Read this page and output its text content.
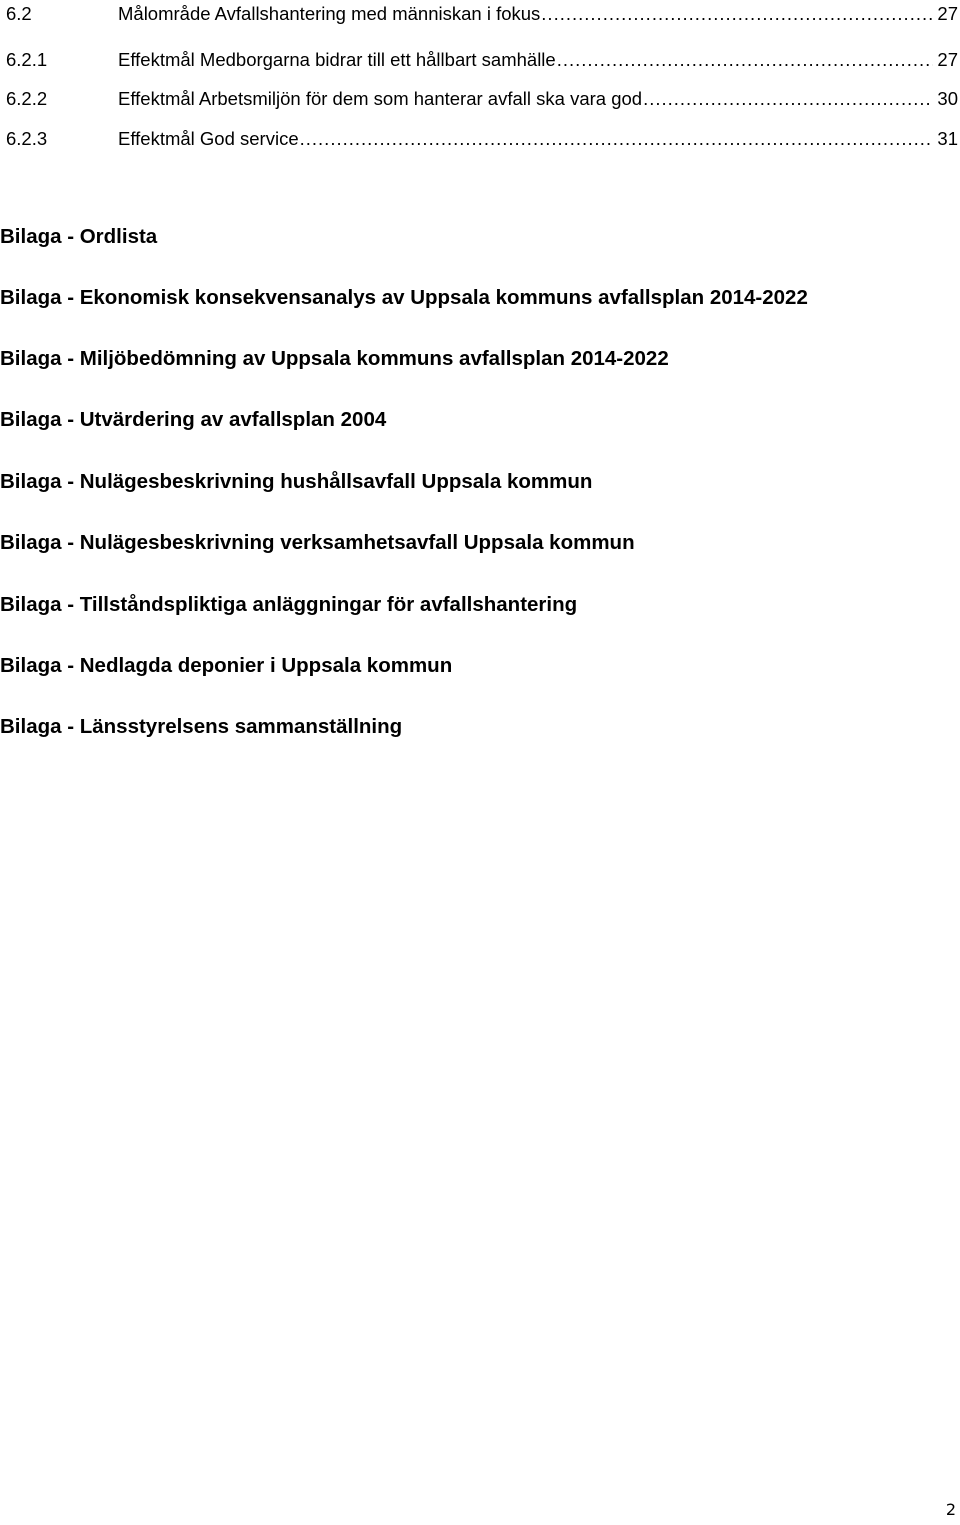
6.2	Målområde Avfallshantering med människan i fokus .....	27
6.2.1	Effektmål Medborgarna bidrar till ett hållbart samhälle .....	27
6.2.2	Effektmål Arbetsmiljön för dem som hanterar avfall ska vara god .....	30
6.2.3	Effektmål God service .....	31
Bilaga - Ordlista
Bilaga - Ekonomisk konsekvensanalys av Uppsala kommuns avfallsplan 2014-2022
Bilaga - Miljöbedömning av Uppsala kommuns avfallsplan 2014-2022
Bilaga - Utvärdering av avfallsplan 2004
Bilaga - Nulägesbeskrivning hushållsavfall Uppsala kommun
Bilaga - Nulägesbeskrivning verksamhetsavfall Uppsala kommun
Bilaga - Tillståndspliktiga anläggningar för avfallshantering
Bilaga - Nedlagda deponier i Uppsala kommun
Bilaga - Länsstyrelsens sammanställning
2
